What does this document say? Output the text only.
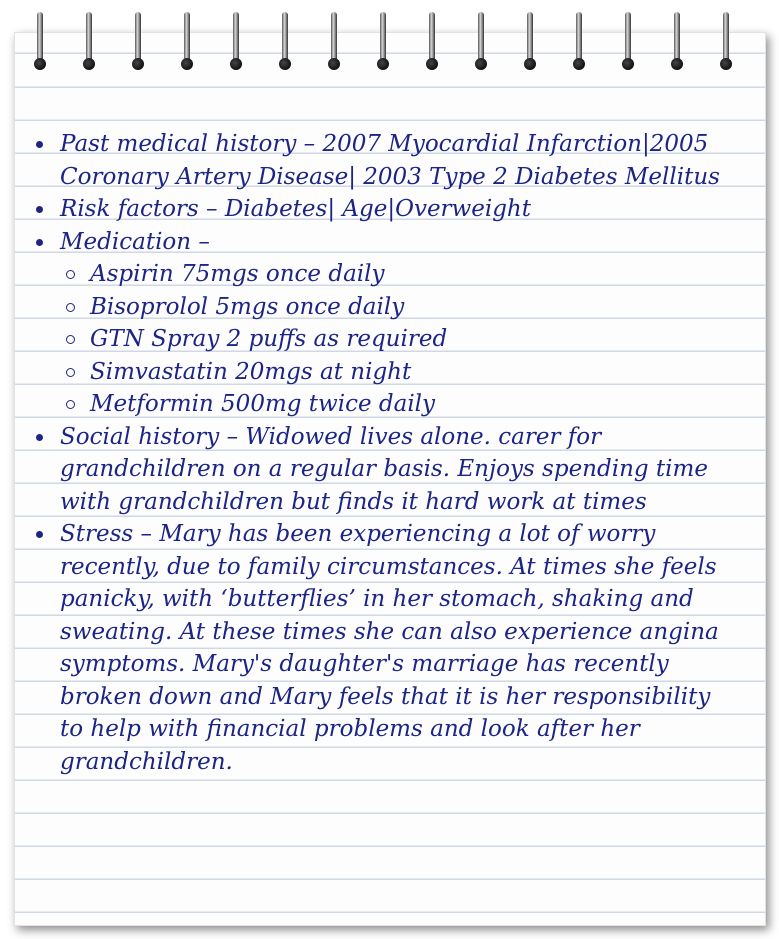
Past medical history – 2007 Myocardial Infarction|2005 Coronary Artery Disease| 2003 Type 2 Diabetes Mellitus
Risk factors – Diabetes| Age|Overweight
Medication –
Aspirin 75mgs once daily
Bisoprolol 5mgs once daily
GTN Spray 2 puffs as required
Simvastatin 20mgs at night
Metformin 500mg twice daily
Social history – Widowed lives alone. carer for grandchildren on a regular basis. Enjoys spending time with grandchildren but finds it hard work at times
Stress – Mary has been experiencing a lot of worry recently, due to family circumstances. At times she feels panicky, with ‘butterflies’ in her stomach, shaking and sweating. At these times she can also experience angina symptoms. Mary's daughter's marriage has recently broken down and Mary feels that it is her responsibility to help with financial problems and look after her grandchildren.
